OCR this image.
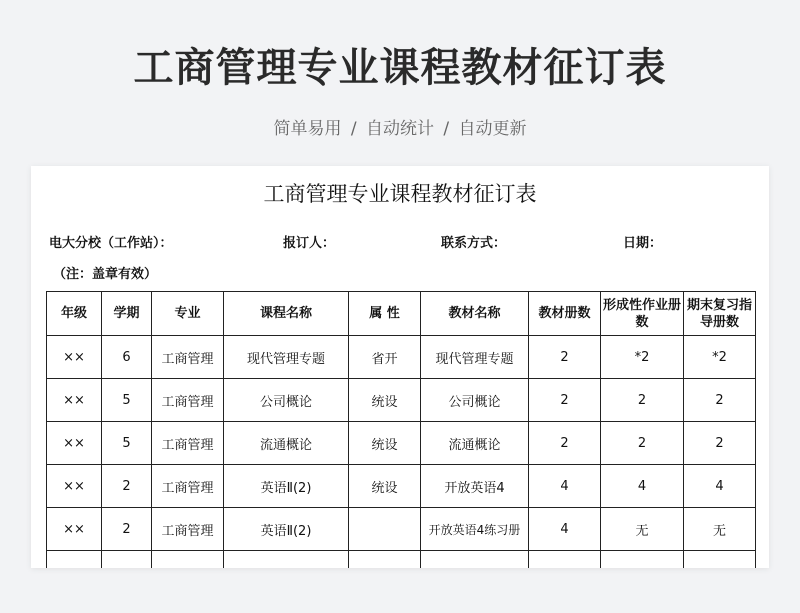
工商管理专业课程教材征订表
简单易用 / 自动统计 / 自动更新
工商管理专业课程教材征订表
电大分校（工作站）：	报订人：	联系方式：	日期：
（注：盖章有效）
年级	学期	专业	课程名称	属 性	教材名称	教材册数	形成性作业册数	期末复习指导册数
××	6	工商管理	现代管理专题	省开	现代管理专题	2	*2	*2
××	5	工商管理	公司概论	统设	公司概论	2	2	2
××	5	工商管理	流通概论	统设	流通概论	2	2	2
××	2	工商管理	英语Ⅱ(2)	统设	开放英语4	4	4	4
××	2	工商管理	英语Ⅱ(2)		开放英语4练习册	4	无	无
